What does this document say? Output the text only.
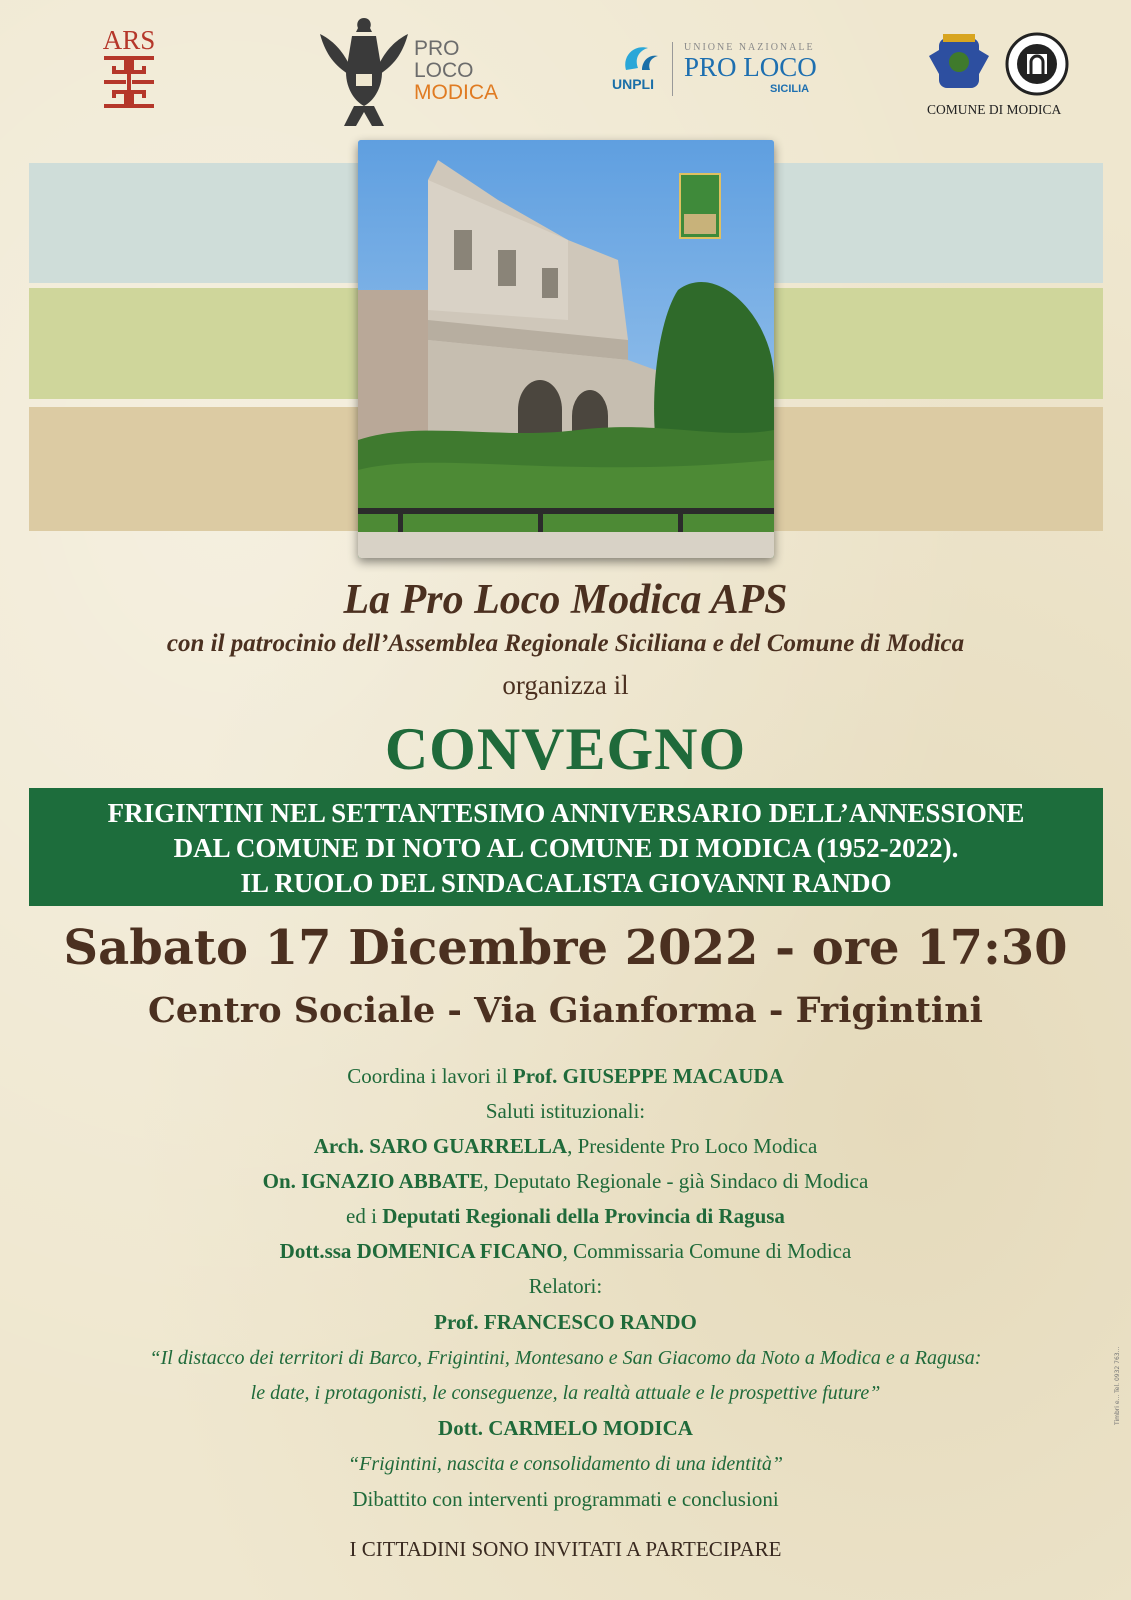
ARS	PRO
LOCO
MODICA	UNPLI
UNIONE NAZIONALE
PRO LOCO
SICILIA
COMUNE DI MODICA
La Pro Loco Modica APS
con il patrocinio dell’Assemblea Regionale Siciliana e del Comune di Modica
organizza il
CONVEGNO
FRIGINTINI NEL SETTANTESIMO ANNIVERSARIO DELL’ANNESSIONE
DAL COMUNE DI NOTO AL COMUNE DI MODICA (1952-2022).
IL RUOLO DEL SINDACALISTA GIOVANNI RANDO
Sabato 17 Dicembre 2022 - ore 17:30
Centro Sociale - Via Gianforma - Frigintini
Coordina i lavori il Prof. GIUSEPPE MACAUDA
Saluti istituzionali:
Arch. SARO GUARRELLA, Presidente Pro Loco Modica
On. IGNAZIO ABBATE, Deputato Regionale - già Sindaco di Modica
ed i Deputati Regionali della Provincia di Ragusa
Dott.ssa DOMENICA FICANO, Commissaria Comune di Modica
Relatori:
Prof. FRANCESCO RANDO
“Il distacco dei territori di Barco, Frigintini, Montesano e San Giacomo da Noto a Modica e a Ragusa:
le date, i protagonisti, le conseguenze, la realtà attuale e le prospettive future”
Dott. CARMELO MODICA
“Frigintini, nascita e consolidamento di una identità”
Dibattito con interventi programmati e conclusioni
I CITTADINI SONO INVITATI A PARTECIPARE
Timbri e... Tel. 0932 763...
